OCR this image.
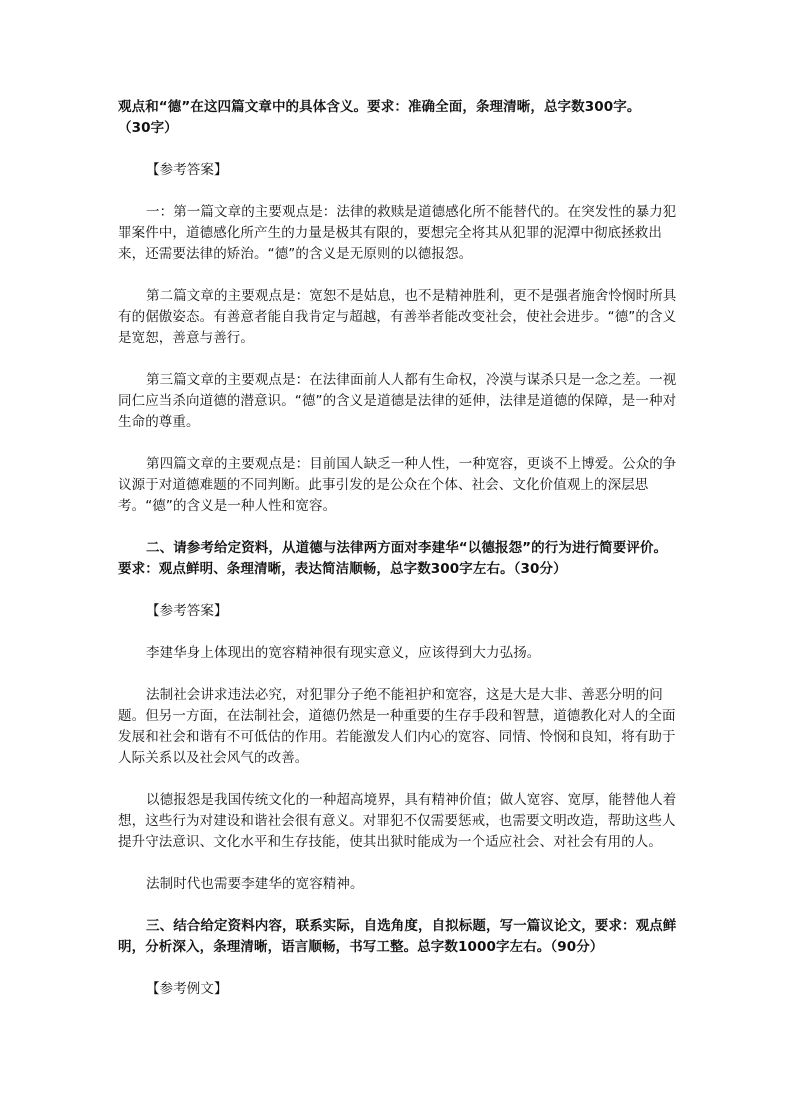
观点和“德”在这四篇文章中的具体含义。要求：准确全面，条理清晰，总字数300字。

（30字）

【参考答案】

一：第一篇文章的主要观点是：法律的救赎是道德感化所不能替代的。在突发性的暴力犯罪案件中，道德感化所产生的力量是极其有限的，要想完全将其从犯罪的泥潭中彻底拯救出来，还需要法律的矫治。“德”的含义是无原则的以德报怨。

第二篇文章的主要观点是：宽恕不是姑息，也不是精神胜利，更不是强者施舍怜悯时所具有的倨傲姿态。有善意者能自我肯定与超越，有善举者能改变社会，使社会进步。“德”的含义是宽恕，善意与善行。

第三篇文章的主要观点是：在法律面前人人都有生命权，冷漠与谋杀只是一念之差。一视同仁应当杀向道德的潜意识。“德”的含义是道德是法律的延伸，法律是道德的保障，是一种对生命的尊重。

第四篇文章的主要观点是：目前国人缺乏一种人性，一种宽容，更谈不上博爱。公众的争议源于对道德难题的不同判断。此事引发的是公众在个体、社会、文化价值观上的深层思考。“德”的含义是一种人性和宽容。

二、请参考给定资料，从道德与法律两方面对李建华“以德报怨”的行为进行简要评价。要求：观点鲜明、条理清晰，表达简洁顺畅，总字数300字左右。（30分）

【参考答案】

李建华身上体现出的宽容精神很有现实意义，应该得到大力弘扬。

法制社会讲求违法必究，对犯罪分子绝不能袒护和宽容，这是大是大非、善恶分明的问题。但另一方面，在法制社会，道德仍然是一种重要的生存手段和智慧，道德教化对人的全面发展和社会和谐有不可低估的作用。若能激发人们内心的宽容、同情、怜悯和良知，将有助于人际关系以及社会风气的改善。

以德报怨是我国传统文化的一种超高境界，具有精神价值；做人宽容、宽厚，能替他人着想，这些行为对建设和谐社会很有意义。对罪犯不仅需要惩戒，也需要文明改造，帮助这些人提升守法意识、文化水平和生存技能，使其出狱时能成为一个适应社会、对社会有用的人。

法制时代也需要李建华的宽容精神。

三、结合给定资料内容，联系实际，自选角度，自拟标题，写一篇议论文，要求：观点鲜明，分析深入，条理清晰，语言顺畅，书写工整。总字数1000字左右。（90分）

【参考例文】
